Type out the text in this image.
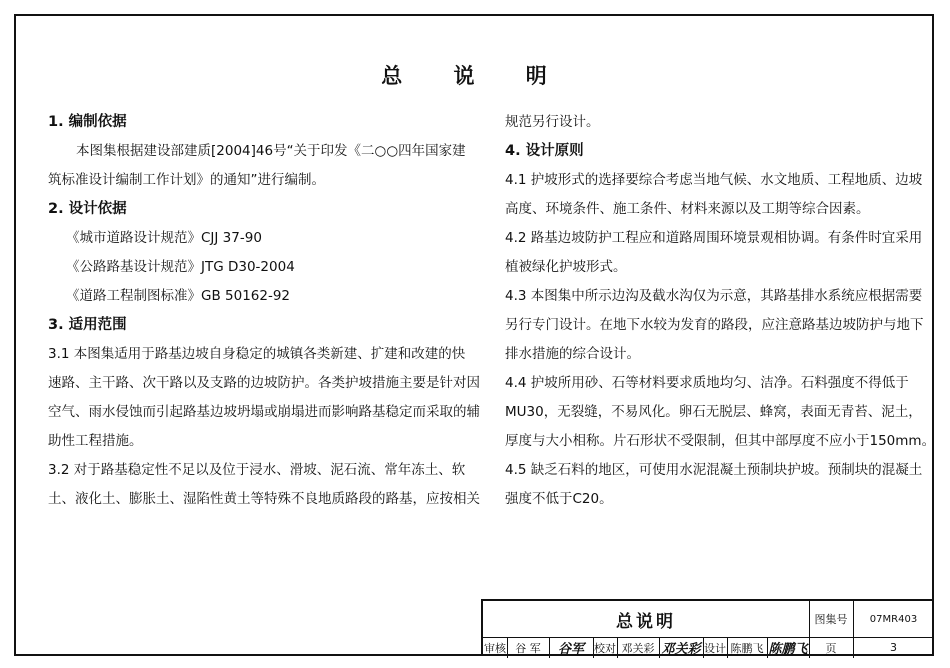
总 说 明
1. 编制依据
本图集根据建设部建质[2004]46号“关于印发《二○○四年国家建
筑标准设计编制工作计划》的通知”进行编制。
2. 设计依据
《城市道路设计规范》CJJ 37-90
《公路路基设计规范》JTG D30-2004
《道路工程制图标准》GB 50162-92
3. 适用范围
3.1 本图集适用于路基边坡自身稳定的城镇各类新建、扩建和改建的快
速路、主干路、次干路以及支路的边坡防护。各类护坡措施主要是针对因
空气、雨水侵蚀而引起路基边坡坍塌或崩塌进而影响路基稳定而采取的辅
助性工程措施。
3.2 对于路基稳定性不足以及位于浸水、滑坡、泥石流、常年冻土、软
土、液化土、膨胀土、湿陷性黄土等特殊不良地质路段的路基，应按相关
规范另行设计。
4. 设计原则
4.1 护坡形式的选择要综合考虑当地气候、水文地质、工程地质、边坡
高度、环境条件、施工条件、材料来源以及工期等综合因素。
4.2 路基边坡防护工程应和道路周围环境景观相协调。有条件时宜采用
植被绿化护坡形式。
4.3 本图集中所示边沟及截水沟仅为示意，其路基排水系统应根据需要
另行专门设计。在地下水较为发育的路段，应注意路基边坡防护与地下
排水措施的综合设计。
4.4 护坡所用砂、石等材料要求质地均匀、洁净。石料强度不得低于
MU30，无裂缝，不易风化。卵石无脱层、蜂窝，表面无青苔、泥土，
厚度与大小相称。片石形状不受限制，但其中部厚度不应小于150mm。
4.5 缺乏石料的地区，可使用水泥混凝土预制块护坡。预制块的混凝土
强度不低于C20。
总说明	图集号	07MR403
审核 谷 军	谷军 校对 邓关彩 邓关彩 设计 陈鹏飞 陈鹏飞	页	3
